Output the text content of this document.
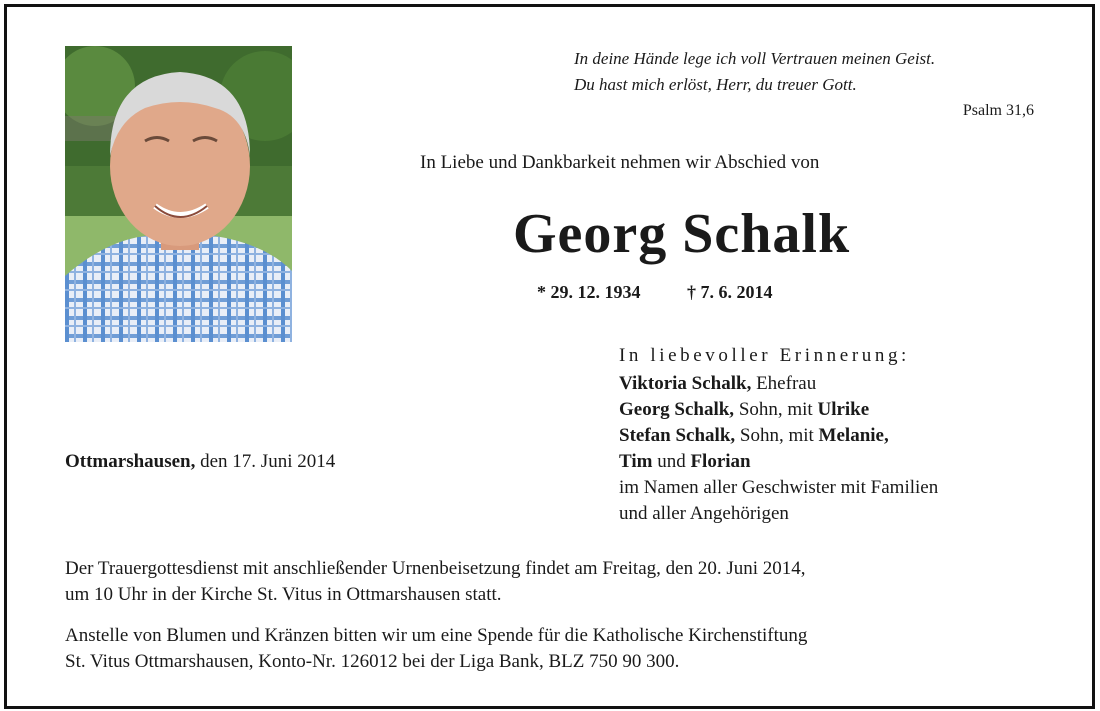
In deine Hände lege ich voll Vertrauen meinen Geist.
Du hast mich erlöst, Herr, du treuer Gott.
Psalm 31,6
In Liebe und Dankbarkeit nehmen wir Abschied von
Georg Schalk
* 29. 12. 1934	† 7. 6. 2014
In liebevoller Erinnerung:
Viktoria Schalk, Ehefrau
Georg Schalk, Sohn, mit Ulrike
Stefan Schalk, Sohn, mit Melanie,
Tim und Florian
im Namen aller Geschwister mit Familien
und aller Angehörigen
Ottmarshausen, den 17. Juni 2014
Der Trauergottesdienst mit anschließender Urnenbeisetzung findet am Freitag, den 20. Juni 2014,
um 10 Uhr in der Kirche St. Vitus in Ottmarshausen statt.
Anstelle von Blumen und Kränzen bitten wir um eine Spende für die Katholische Kirchenstiftung
St. Vitus Ottmarshausen, Konto-Nr. 126012 bei der Liga Bank, BLZ 750 90 300.
